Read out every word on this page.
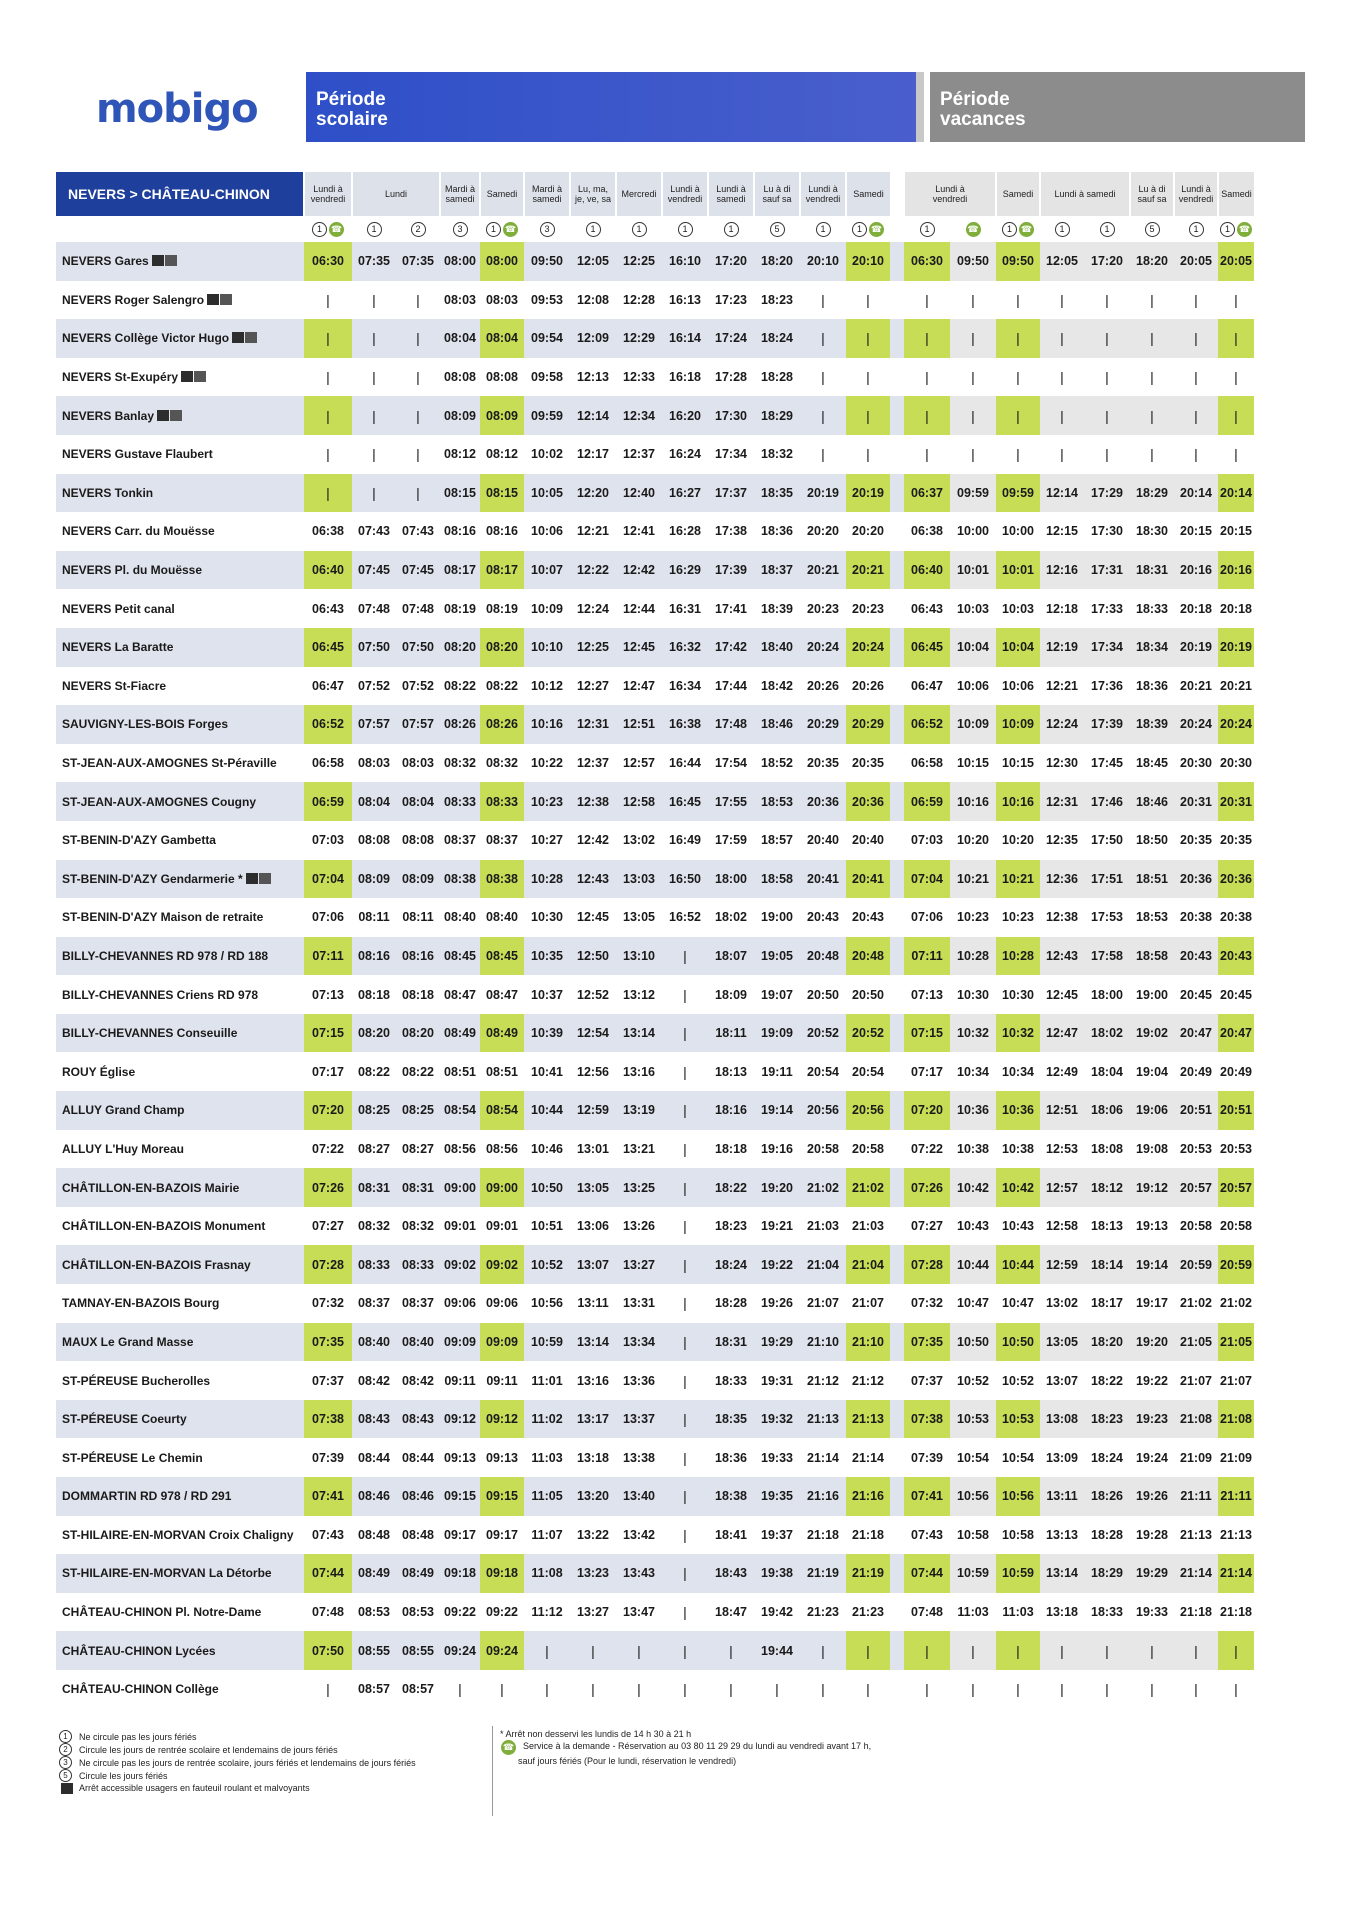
mobigo	Période
scolaire
Période
vacances
NEVERS > CHÂTEAU-CHINON	Lundi à
vendredi	Lundi		Mardi à
samedi	Samedi	Mardi à
samedi	Lu, ma,
je, ve, sa	Mercredi	Lundi à
vendredi	Lundi à
samedi	Lu à di
sauf sa	Lundi à
vendredi	Samedi		Lundi à
vendredi		Samedi	Lundi à samedi		Lu à di
sauf sa	Lundi à
vendredi	Samedi
	1 ☎	1	2	3	1 ☎	3	1	1	1	1	5	1	1 ☎		1	☎	1 ☎	1	1	5	1	1 ☎
NEVERS Gares	06:30	07:35	07:35	08:00	08:00	09:50	12:05	12:25	16:10	17:20	18:20	20:10	20:10		06:30	09:50	09:50	12:05	17:20	18:20	20:05	20:05
NEVERS Roger Salengro	|	|	|	08:03	08:03	09:53	12:08	12:28	16:13	17:23	18:23	|	|		|	|	|	|	|	|	|	|
NEVERS Collège Victor Hugo	|	|	|	08:04	08:04	09:54	12:09	12:29	16:14	17:24	18:24	|	|		|	|	|	|	|	|	|	|
NEVERS St-Exupéry	|	|	|	08:08	08:08	09:58	12:13	12:33	16:18	17:28	18:28	|	|		|	|	|	|	|	|	|	|
NEVERS Banlay	|	|	|	08:09	08:09	09:59	12:14	12:34	16:20	17:30	18:29	|	|		|	|	|	|	|	|	|	|
NEVERS Gustave Flaubert	|	|	|	08:12	08:12	10:02	12:17	12:37	16:24	17:34	18:32	|	|		|	|	|	|	|	|	|	|
NEVERS Tonkin	|	|	|	08:15	08:15	10:05	12:20	12:40	16:27	17:37	18:35	20:19	20:19		06:37	09:59	09:59	12:14	17:29	18:29	20:14	20:14
NEVERS Carr. du Mouësse	06:38	07:43	07:43	08:16	08:16	10:06	12:21	12:41	16:28	17:38	18:36	20:20	20:20		06:38	10:00	10:00	12:15	17:30	18:30	20:15	20:15
NEVERS Pl. du Mouësse	06:40	07:45	07:45	08:17	08:17	10:07	12:22	12:42	16:29	17:39	18:37	20:21	20:21		06:40	10:01	10:01	12:16	17:31	18:31	20:16	20:16
NEVERS Petit canal	06:43	07:48	07:48	08:19	08:19	10:09	12:24	12:44	16:31	17:41	18:39	20:23	20:23		06:43	10:03	10:03	12:18	17:33	18:33	20:18	20:18
NEVERS La Baratte	06:45	07:50	07:50	08:20	08:20	10:10	12:25	12:45	16:32	17:42	18:40	20:24	20:24		06:45	10:04	10:04	12:19	17:34	18:34	20:19	20:19
NEVERS St-Fiacre	06:47	07:52	07:52	08:22	08:22	10:12	12:27	12:47	16:34	17:44	18:42	20:26	20:26		06:47	10:06	10:06	12:21	17:36	18:36	20:21	20:21
SAUVIGNY-LES-BOIS Forges	06:52	07:57	07:57	08:26	08:26	10:16	12:31	12:51	16:38	17:48	18:46	20:29	20:29		06:52	10:09	10:09	12:24	17:39	18:39	20:24	20:24
ST-JEAN-AUX-AMOGNES St-Péraville	06:58	08:03	08:03	08:32	08:32	10:22	12:37	12:57	16:44	17:54	18:52	20:35	20:35		06:58	10:15	10:15	12:30	17:45	18:45	20:30	20:30
ST-JEAN-AUX-AMOGNES Cougny	06:59	08:04	08:04	08:33	08:33	10:23	12:38	12:58	16:45	17:55	18:53	20:36	20:36		06:59	10:16	10:16	12:31	17:46	18:46	20:31	20:31
ST-BENIN-D'AZY Gambetta	07:03	08:08	08:08	08:37	08:37	10:27	12:42	13:02	16:49	17:59	18:57	20:40	20:40		07:03	10:20	10:20	12:35	17:50	18:50	20:35	20:35
ST-BENIN-D'AZY Gendarmerie *	07:04	08:09	08:09	08:38	08:38	10:28	12:43	13:03	16:50	18:00	18:58	20:41	20:41		07:04	10:21	10:21	12:36	17:51	18:51	20:36	20:36
ST-BENIN-D'AZY Maison de retraite	07:06	08:11	08:11	08:40	08:40	10:30	12:45	13:05	16:52	18:02	19:00	20:43	20:43		07:06	10:23	10:23	12:38	17:53	18:53	20:38	20:38
BILLY-CHEVANNES RD 978 / RD 188	07:11	08:16	08:16	08:45	08:45	10:35	12:50	13:10	|	18:07	19:05	20:48	20:48		07:11	10:28	10:28	12:43	17:58	18:58	20:43	20:43
BILLY-CHEVANNES Criens RD 978	07:13	08:18	08:18	08:47	08:47	10:37	12:52	13:12	|	18:09	19:07	20:50	20:50		07:13	10:30	10:30	12:45	18:00	19:00	20:45	20:45
BILLY-CHEVANNES Conseuille	07:15	08:20	08:20	08:49	08:49	10:39	12:54	13:14	|	18:11	19:09	20:52	20:52		07:15	10:32	10:32	12:47	18:02	19:02	20:47	20:47
ROUY Église	07:17	08:22	08:22	08:51	08:51	10:41	12:56	13:16	|	18:13	19:11	20:54	20:54		07:17	10:34	10:34	12:49	18:04	19:04	20:49	20:49
ALLUY Grand Champ	07:20	08:25	08:25	08:54	08:54	10:44	12:59	13:19	|	18:16	19:14	20:56	20:56		07:20	10:36	10:36	12:51	18:06	19:06	20:51	20:51
ALLUY L'Huy Moreau	07:22	08:27	08:27	08:56	08:56	10:46	13:01	13:21	|	18:18	19:16	20:58	20:58		07:22	10:38	10:38	12:53	18:08	19:08	20:53	20:53
CHÂTILLON-EN-BAZOIS Mairie	07:26	08:31	08:31	09:00	09:00	10:50	13:05	13:25	|	18:22	19:20	21:02	21:02		07:26	10:42	10:42	12:57	18:12	19:12	20:57	20:57
CHÂTILLON-EN-BAZOIS Monument	07:27	08:32	08:32	09:01	09:01	10:51	13:06	13:26	|	18:23	19:21	21:03	21:03		07:27	10:43	10:43	12:58	18:13	19:13	20:58	20:58
CHÂTILLON-EN-BAZOIS Frasnay	07:28	08:33	08:33	09:02	09:02	10:52	13:07	13:27	|	18:24	19:22	21:04	21:04		07:28	10:44	10:44	12:59	18:14	19:14	20:59	20:59
TAMNAY-EN-BAZOIS Bourg	07:32	08:37	08:37	09:06	09:06	10:56	13:11	13:31	|	18:28	19:26	21:07	21:07		07:32	10:47	10:47	13:02	18:17	19:17	21:02	21:02
MAUX Le Grand Masse	07:35	08:40	08:40	09:09	09:09	10:59	13:14	13:34	|	18:31	19:29	21:10	21:10		07:35	10:50	10:50	13:05	18:20	19:20	21:05	21:05
ST-PÉREUSE Bucherolles	07:37	08:42	08:42	09:11	09:11	11:01	13:16	13:36	|	18:33	19:31	21:12	21:12		07:37	10:52	10:52	13:07	18:22	19:22	21:07	21:07
ST-PÉREUSE Coeurty	07:38	08:43	08:43	09:12	09:12	11:02	13:17	13:37	|	18:35	19:32	21:13	21:13		07:38	10:53	10:53	13:08	18:23	19:23	21:08	21:08
ST-PÉREUSE Le Chemin	07:39	08:44	08:44	09:13	09:13	11:03	13:18	13:38	|	18:36	19:33	21:14	21:14		07:39	10:54	10:54	13:09	18:24	19:24	21:09	21:09
DOMMARTIN RD 978 / RD 291	07:41	08:46	08:46	09:15	09:15	11:05	13:20	13:40	|	18:38	19:35	21:16	21:16		07:41	10:56	10:56	13:11	18:26	19:26	21:11	21:11
ST-HILAIRE-EN-MORVAN Croix Chaligny	07:43	08:48	08:48	09:17	09:17	11:07	13:22	13:42	|	18:41	19:37	21:18	21:18		07:43	10:58	10:58	13:13	18:28	19:28	21:13	21:13
ST-HILAIRE-EN-MORVAN La Détorbe	07:44	08:49	08:49	09:18	09:18	11:08	13:23	13:43	|	18:43	19:38	21:19	21:19		07:44	10:59	10:59	13:14	18:29	19:29	21:14	21:14
CHÂTEAU-CHINON Pl. Notre-Dame	07:48	08:53	08:53	09:22	09:22	11:12	13:27	13:47	|	18:47	19:42	21:23	21:23		07:48	11:03	11:03	13:18	18:33	19:33	21:18	21:18
CHÂTEAU-CHINON Lycées	07:50	08:55	08:55	09:24	09:24	|	|	|	|	|	19:44	|	|		|	|	|	|	|	|	|	|
CHÂTEAU-CHINON Collège	|	08:57	08:57	|	|	|	|	|	|	|	|	|	|		|	|	|	|	|	|	|	|
1	Ne circule pas les jours fériés
2	Circule les jours de rentrée scolaire et lendemains de jours fériés
3	Ne circule pas les jours de rentrée scolaire, jours fériés et lendemains de jours fériés
5	Circule les jours fériés
Arrêt accessible usagers en fauteuil roulant et malvoyants
* Arrêt non desservi les lundis de 14 h 30 à 21 h
☎ Service à la demande - Réservation au 03 80 11 29 29 du lundi au vendredi avant 17 h,
sauf jours fériés (Pour le lundi, réservation le vendredi)
